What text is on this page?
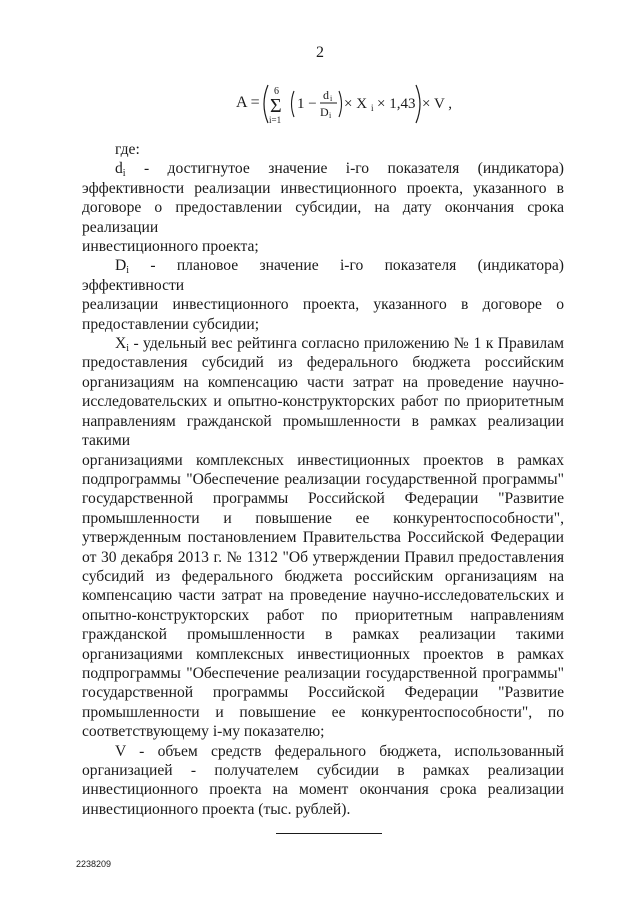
2
A =
6
Σ
i=1
1 −
d i
D i
× X i × 1,43 × V ,

где:

$d_i$ - достигнутое значение i-го показателя (индикатора)

эффективности реализации инвестиционного проекта, указанного в

договоре о предоставлении субсидии, на дату окончания срока реализации

инвестиционного проекта;

$D_i$ - плановое значение i-го показателя (индикатора) эффективности

реализации инвестиционного проекта, указанного в договоре о

предоставлении субсидии;

$X_i$ - удельный вес рейтинга согласно приложению № 1 к Правилам

предоставления субсидий из федерального бюджета российским

организациям на компенсацию части затрат на проведение научно-

исследовательских и опытно-конструкторских работ по приоритетным

направлениям гражданской промышленности в рамках реализации такими

организациями комплексных инвестиционных проектов в рамках

подпрограммы "Обеспечение реализации государственной программы"

государственной программы Российской Федерации "Развитие

промышленности и повышение ее конкурентоспособности",

утвержденным постановлением Правительства Российской Федерации

от 30 декабря 2013 г. № 1312 "Об утверждении Правил предоставления

субсидий из федерального бюджета российским организациям на

компенсацию части затрат на проведение научно-исследовательских и

опытно-конструкторских работ по приоритетным направлениям

гражданской промышленности в рамках реализации такими

организациями комплексных инвестиционных проектов в рамках

подпрограммы "Обеспечение реализации государственной программы"

государственной программы Российской Федерации "Развитие

промышленности и повышение ее конкурентоспособности", по

соответствующему i-му показателю;

V - объем средств федерального бюджета, использованный

организацией - получателем субсидии в рамках реализации

инвестиционного проекта на момент окончания срока реализации

инвестиционного проекта (тыс. рублей).

2238209
